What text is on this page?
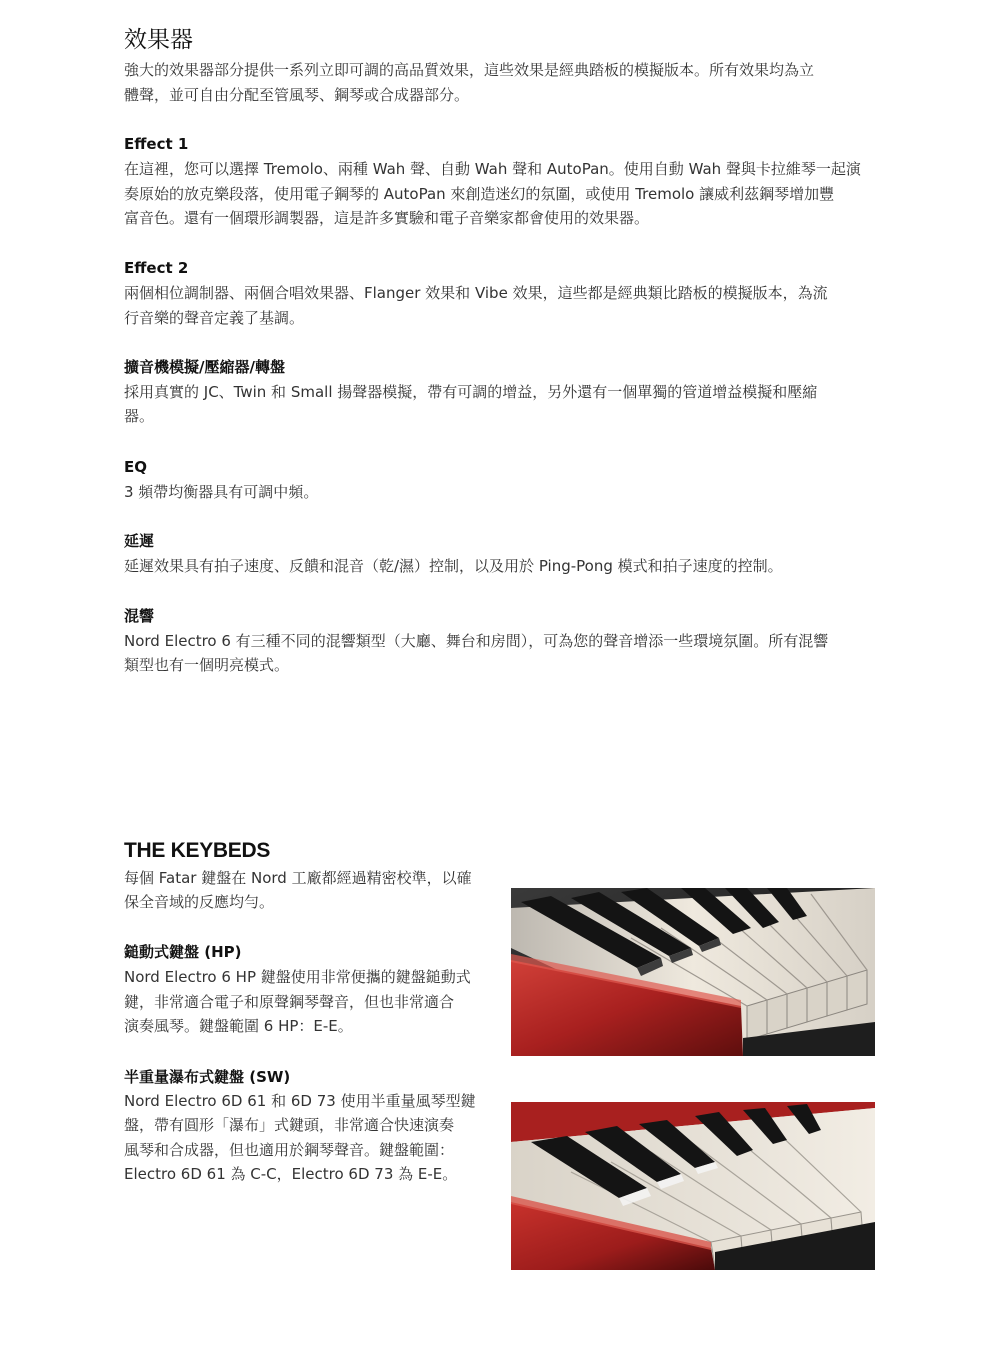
效果器

強大的效果器部分提供一系列立即可調的高品質效果，這些效果是經典踏板的模擬版本。所有效果均為立

體聲，並可自由分配至管風琴、鋼琴或合成器部分。

Effect 1

在這裡，您可以選擇 Tremolo、兩種 Wah 聲、自動 Wah 聲和 AutoPan。使用自動 Wah 聲與卡拉維琴一起演

奏原始的放克樂段落，使用電子鋼琴的 AutoPan 來創造迷幻的氛圍，或使用 Tremolo 讓威利茲鋼琴增加豐

富音色。還有一個環形調製器，這是許多實驗和電子音樂家都會使用的效果器。

Effect 2

兩個相位調制器、兩個合唱效果器、Flanger 效果和 Vibe 效果，這些都是經典類比踏板的模擬版本，為流

行音樂的聲音定義了基調。

擴音機模擬/壓縮器/轉盤

採用真實的 JC、Twin 和 Small 揚聲器模擬，帶有可調的增益，另外還有一個單獨的管道增益模擬和壓縮

器。

EQ

3 頻帶均衡器具有可調中頻。

延遲

延遲效果具有拍子速度、反饋和混音（乾/濕）控制，以及用於 Ping-Pong 模式和拍子速度的控制。

混響

Nord Electro 6 有三種不同的混響類型（大廳、舞台和房間），可為您的聲音增添一些環境氛圍。所有混響

類型也有一個明亮模式。

THE KEYBEDS

每個 Fatar 鍵盤在 Nord 工廠都經過精密校準，以確

保全音域的反應均勻。

鎚動式鍵盤 (HP)

Nord Electro 6 HP 鍵盤使用非常便攜的鍵盤鎚動式

鍵，非常適合電子和原聲鋼琴聲音，但也非常適合

演奏風琴。鍵盤範圍 6 HP：E-E。

半重量瀑布式鍵盤 (SW)

Nord Electro 6D 61 和 6D 73 使用半重量風琴型鍵

盤，帶有圓形「瀑布」式鍵頭，非常適合快速演奏

風琴和合成器，但也適用於鋼琴聲音。鍵盤範圍：

Electro 6D 61 為 C-C，Electro 6D 73 為 E-E。
